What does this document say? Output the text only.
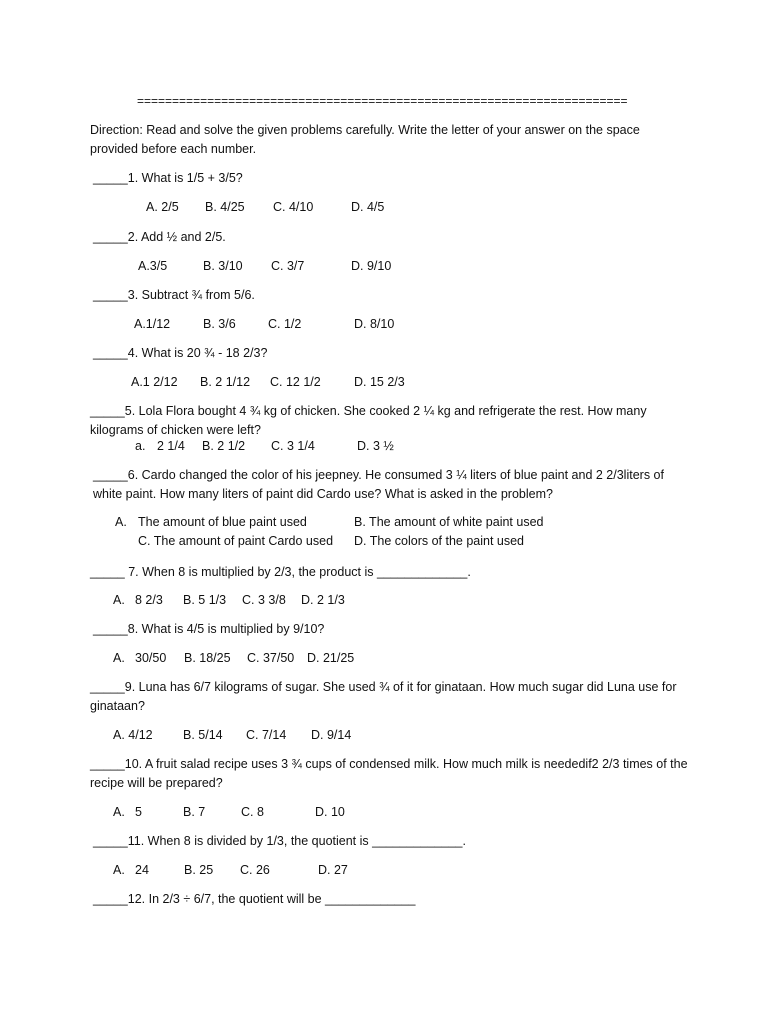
======================================================================
Direction: Read and solve the given problems carefully. Write the letter of your answer on the space provided before each number.
_____1. What is 1/5 + 3/5?
A. 2/5 B. 4/25 C. 4/10	D. 4/5
_____2. Add ½ and 2/5.
A.3/5	B. 3/10 C. 3/7	D. 9/10
_____3. Subtract ¾ from 5/6.
A.1/12	B. 3/6	C. 1/2	D. 8/10
_____4. What is 20 ¾ - 18 2/3?
A.1 2/12 B. 2 1/12 C. 12 1/2	D. 15 2/3
_____5. Lola Flora bought 4 ¾ kg of chicken. She cooked 2 ¼ kg and refrigerate the rest. How many kilograms of chicken were left?
a. 2 1/4 B. 2 1/2 C. 3 1/4	D. 3 ½
_____6. Cardo changed the color of his jeepney. He consumed 3 ¼ liters of blue paint and 2 2/3liters of white paint. How many liters of paint did Cardo use? What is asked in the problem?
A. The amount of blue paint used	B. The amount of white paint used
C. The amount of paint Cardo used D. The colors of the paint used
_____ 7. When 8 is multiplied by 2/3, the product is _____________.
A. 8 2/3 B. 5 1/3 C. 3 3/8 D. 2 1/3
_____8. What is 4/5 is multiplied by 9/10?
A. 30/50 B. 18/25 C. 37/50 D. 21/25
_____9. Luna has 6/7 kilograms of sugar. She used ¾ of it for ginataan. How much sugar did Luna use for ginataan?
A. 4/12 B. 5/14 C. 7/14 D. 9/14
_____10. A fruit salad recipe uses 3 ¾ cups of condensed milk. How much milk is neededif2 2/3 times of the recipe will be prepared?
A. 5	B. 7	C. 8	D. 10
_____11. When 8 is divided by 1/3, the quotient is _____________.
A. 24	B. 25 C. 26	D. 27
_____12. In 2/3 ÷ 6/7, the quotient will be _____________
